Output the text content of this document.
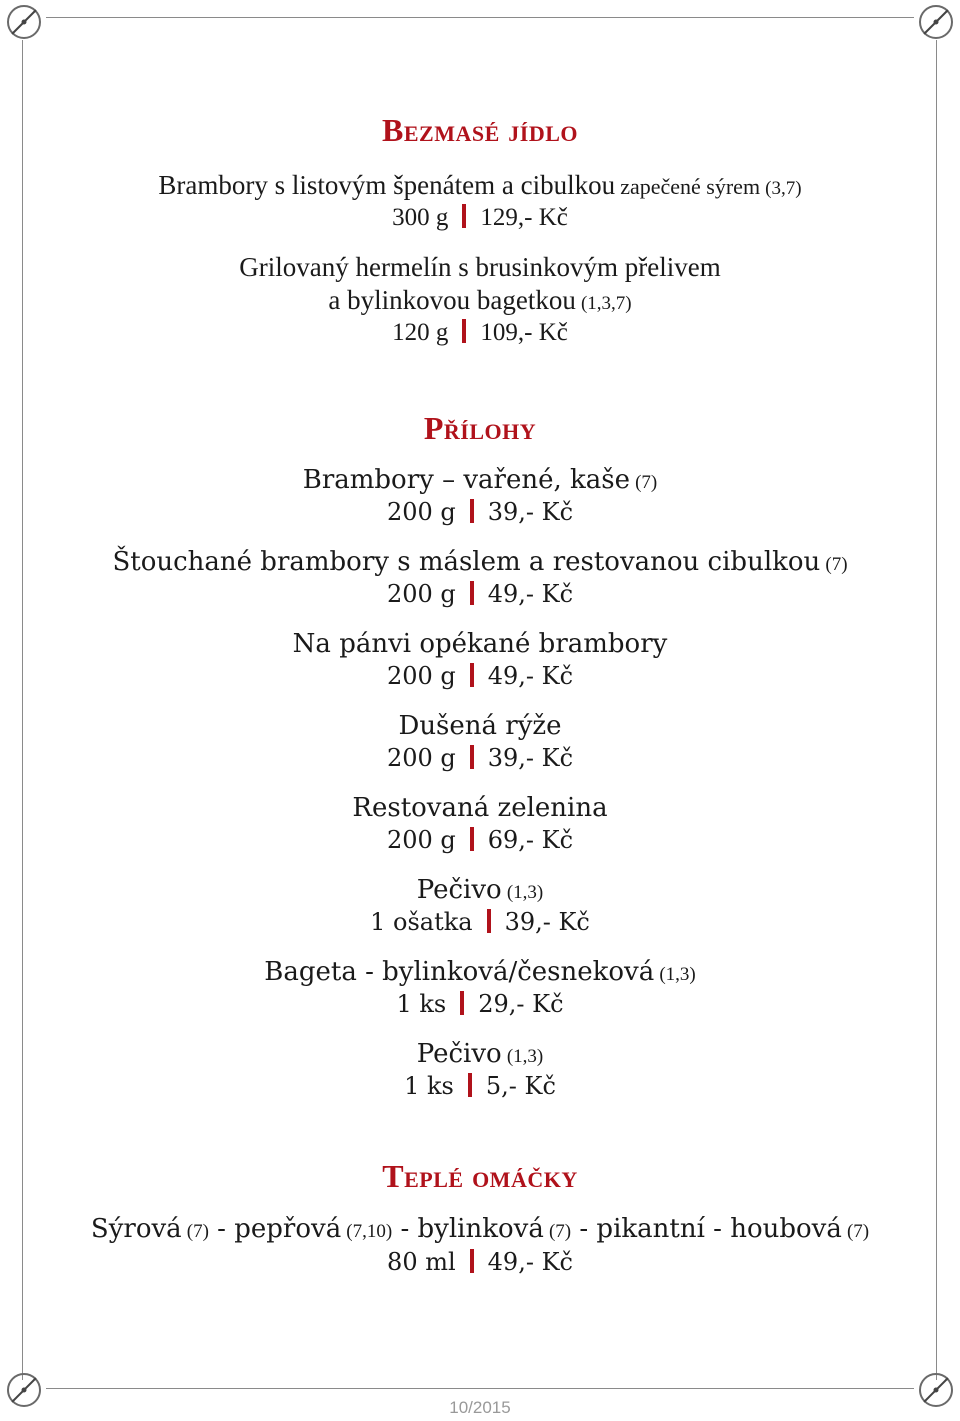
Bezmasé jídlo
Brambory s listovým špenátem a cibulkou zapečené sýrem (3,7)
300 g 129,- Kč
Grilovaný hermelín s brusinkovým přelivem
a bylinkovou bagetkou (1,3,7)
120 g 109,- Kč
Přílohy
Brambory – vařené, kaše (7)
200 g 39,- Kč
Štouchané brambory s máslem a restovanou cibulkou (7)
200 g 49,- Kč
Na pánvi opékané brambory
200 g 49,- Kč
Dušená rýže
200 g 39,- Kč
Restovaná zelenina
200 g 69,- Kč
Pečivo (1,3)
1 ošatka 39,- Kč
Bageta - bylinková/česneková (1,3)
1 ks 29,- Kč
Pečivo (1,3)
1 ks 5,- Kč
Teplé omáčky
Sýrová (7) - pepřová (7,10) - bylinková (7) - pikantní - houbová (7)
80 ml 49,- Kč
10/2015
